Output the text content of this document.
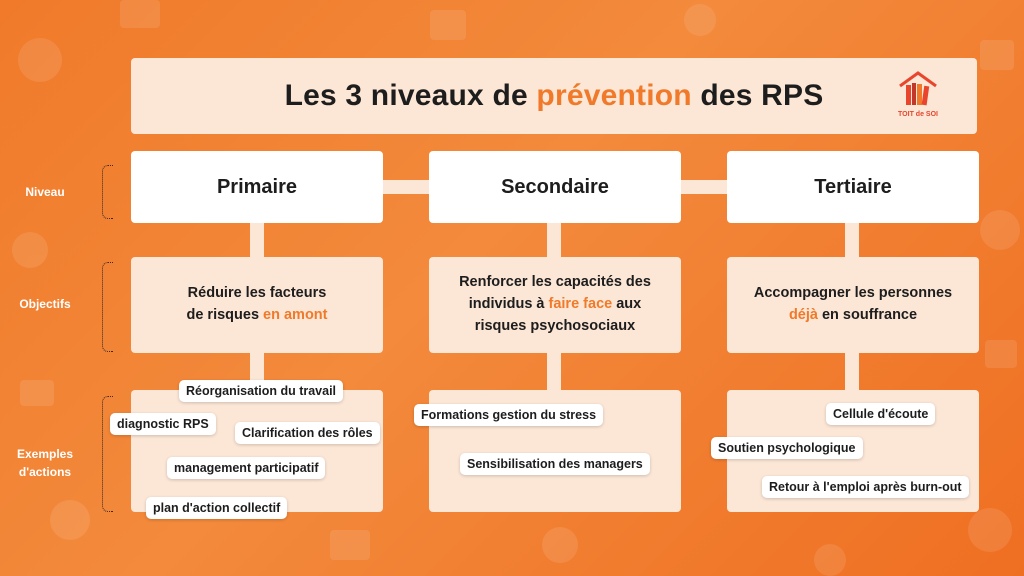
Les 3 niveaux de prévention des RPS
TOIT de SOI
Niveau
Objectifs
Exemples d'actions
Primaire	Secondaire	Tertiaire
Réduire les facteurs
de risques en amont
Renforcer les capacités des
individus à faire face aux
risques psychosociaux
Accompagner les personnes
déjà en souffrance
Réorganisation du travail
diagnostic RPS
Clarification des rôles
management participatif
plan d'action collectif
Formations gestion du stress
Sensibilisation des managers
Cellule d'écoute
Soutien psychologique
Retour à l'emploi après burn-out
